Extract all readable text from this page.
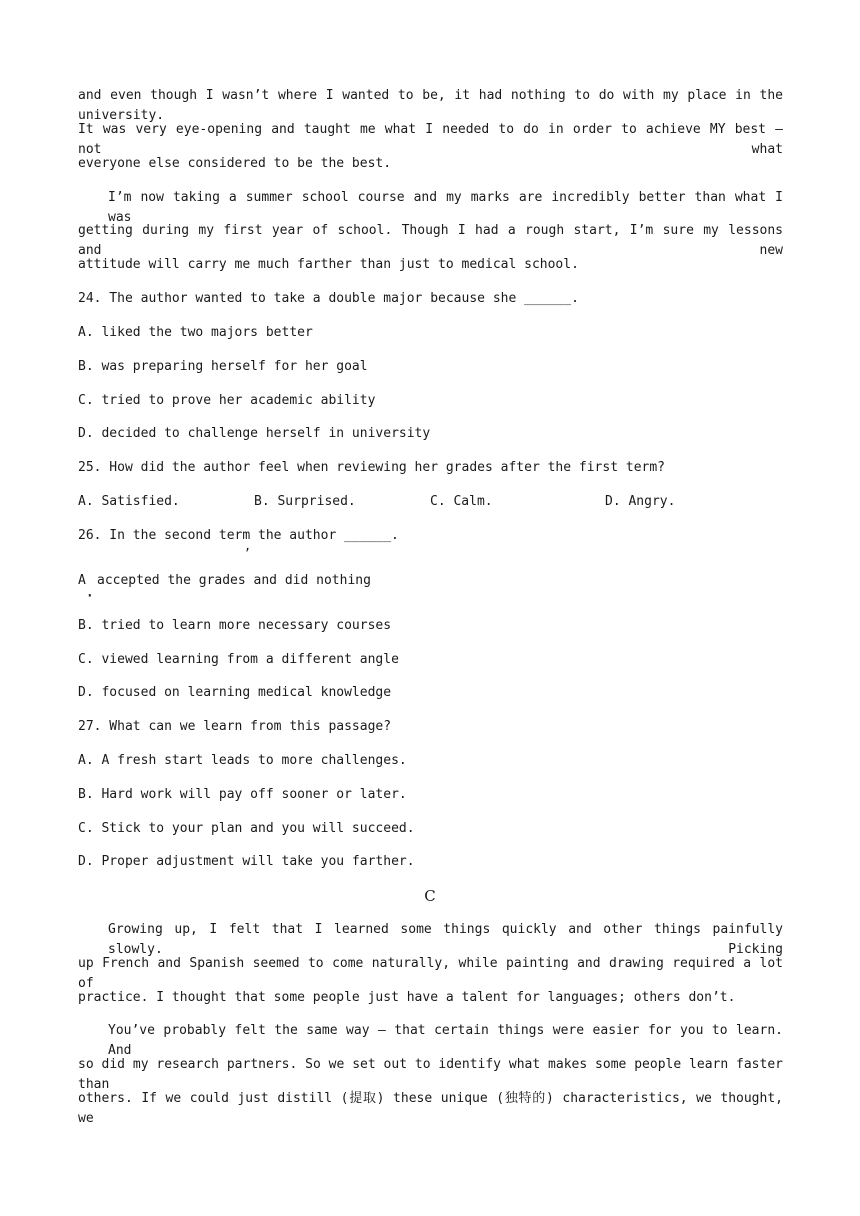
and even though I wasn’t where I wanted to be, it had nothing to do with my place in the university.

It was very eye-opening and taught me what I needed to do in order to achieve MY best — not what

everyone else considered to be the best.

I’m now taking a summer school course and my marks are incredibly better than what I was

getting during my first year of school. Though I had a rough start, I’m sure my lessons and new

attitude will carry me much farther than just to medical school.

24. The author wanted to take a double major because she ______.

A. liked the two majors better

B. was preparing herself for her goal

C. tried to prove her academic ability

D. decided to challenge herself in university

25. How did the author feel when reviewing her grades after the first term?

A. Satisfied.	B. Surprised.	C. Calm.	D. Angry.
26. In the second term
,
the author ______.
A accepted the grades and did nothing
·

B. tried to learn more necessary courses

C. viewed learning from a different angle

D. focused on learning medical knowledge

27. What can we learn from this passage?

A. A fresh start leads to more challenges.

B. Hard work will pay off sooner or later.

C. Stick to your plan and you will succeed.

D. Proper adjustment will take you farther.

C

Growing up, I felt that I learned some things quickly and other things painfully slowly. Picking

up French and Spanish seemed to come naturally, while painting and drawing required a lot of

practice. I thought that some people just have a talent for languages; others don’t.

You’ve probably felt the same way — that certain things were easier for you to learn. And

so did my research partners. So we set out to identify what makes some people learn faster than

others. If we could just distill (提取) these unique (独特的) characteristics, we thought, we
